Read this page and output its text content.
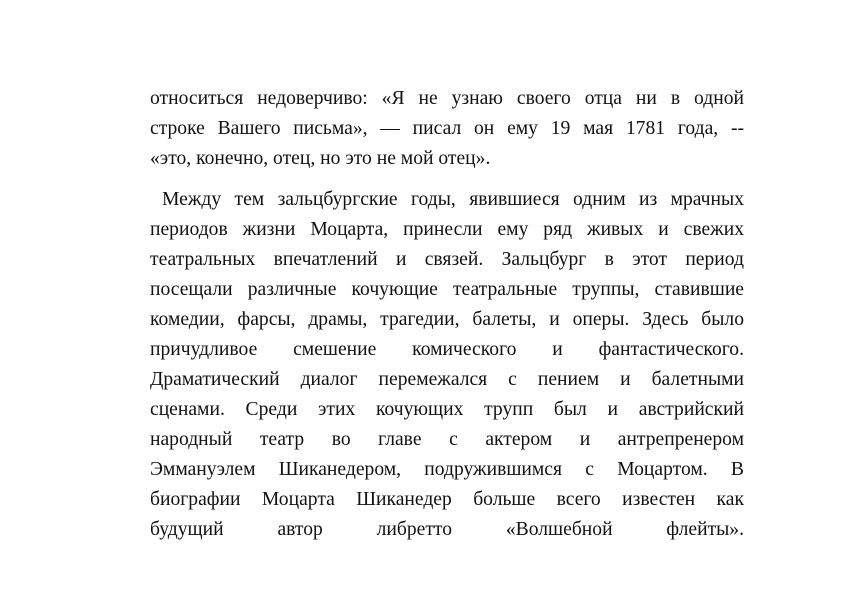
относиться недоверчиво: «Я не узнаю своего отца ни в одной
строке Вашего письма», — писал он ему 19 мая 1781 года, --
«это, конечно, отец, но это не мой отец».
Между тем зальцбургские годы, явившиеся одним из мрачных
периодов жизни Моцарта, принесли ему ряд живых и свежих
театральных впечатлений и связей. Зальцбург в этот период
посещали различные кочующие театральные труппы, ставившие
комедии, фарсы, драмы, трагедии, балеты, и оперы. Здесь было
причудливое смешение комического и фантастического.
Драматический диалог перемежался с пением и балетными
сценами. Среди этих кочующих трупп был и австрийский
народный театр во главе с актером и антрепренером
Эммануэлем Шиканедером, подружившимся с Моцартом. В
биографии Моцарта Шиканедер больше всего известен как
будущий автор либретто «Волшебной флейты».
